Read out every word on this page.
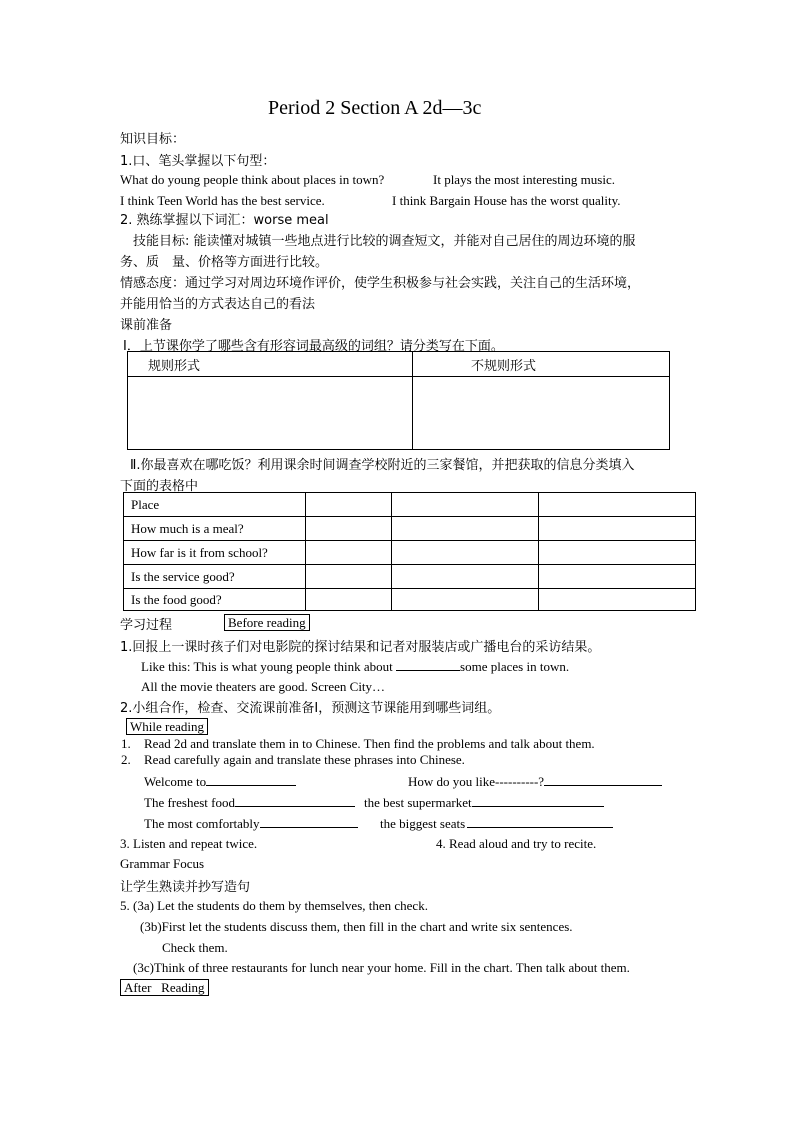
Period 2 Section A 2d—3c
知识目标：
1.口、笔头掌握以下句型：
What do young people think about places in town?	It plays the most interesting music.
I think Teen World has the best service.	I think Bargain House has the worst quality.
2. 熟练掌握以下词汇：worse meal
技能目标: 能读懂对城镇一些地点进行比较的调查短文，并能对自己居住的周边环境的服
务、质　量、价格等方面进行比较。
情感态度：通过学习对周边环境作评价，使学生积极参与社会实践，关注自己的生活环境，
并能用恰当的方式表达自己的看法
课前准备
Ⅰ．上节课你学了哪些含有形容词最高级的词组？请分类写在下面。
规则形式	不规则形式

Ⅱ.你最喜欢在哪吃饭？利用课余时间调查学校附近的三家餐馆，并把获取的信息分类填入
下面的表格中
Place			
How much is a meal?			
How far is it from school?			
Is the service good?			
Is the food good?			
学习过程	Before reading
1.回报上一课时孩子们对电影院的探讨结果和记者对服装店或广播电台的采访结果。
Like this: This is what young people think about	some places in town.
All the movie theaters are good. Screen City…
2.小组合作，检查、交流课前准备Ⅰ，预测这节课能用到哪些词组。
While reading
1. Read 2d and translate them in to Chinese. Then find the problems and talk about them.
2. Read carefully again and translate these phrases into Chinese.
Welcome to	How do you like----------?
The freshest food	the best supermarket
The most comfortably	the biggest seats
3. Listen and repeat twice.	4. Read aloud and try to recite.
Grammar Focus
让学生熟读并抄写造句
5. (3a) Let the students do them by themselves, then check.
(3b)First let the students discuss them, then fill in the chart and write six sentences.
Check them.
(3c)Think of three restaurants for lunch near your home. Fill in the chart. Then talk about them.
After   Reading
